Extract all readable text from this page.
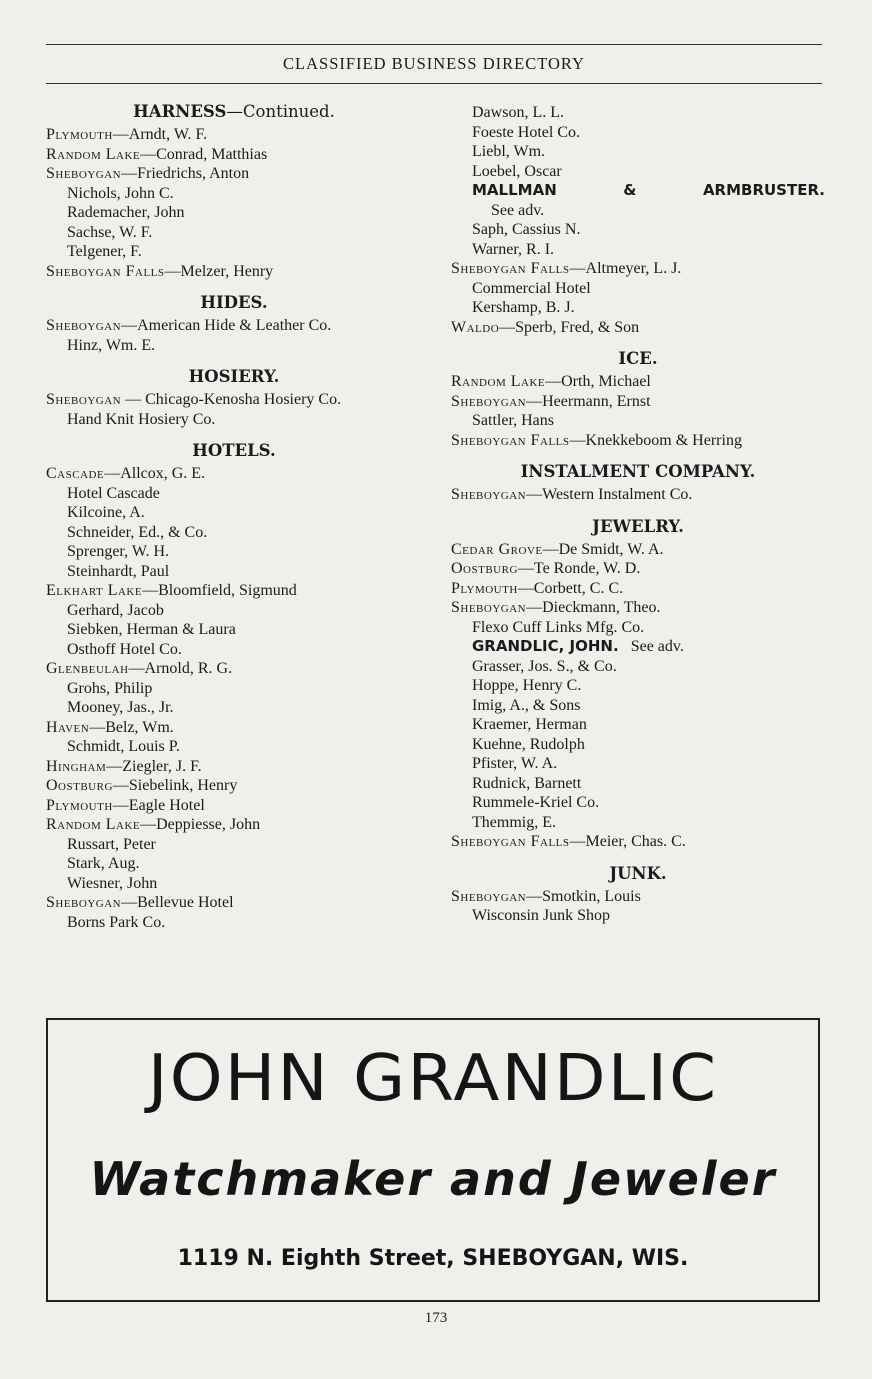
CLASSIFIED BUSINESS DIRECTORY
HARNESS—Continued.
Plymouth—Arndt, W. F.
Random Lake—Conrad, Matthias
Sheboygan—Friedrichs, Anton
Nichols, John C.
Rademacher, John
Sachse, W. F.
Telgener, F.
Sheboygan Falls—Melzer, Henry
HIDES.
Sheboygan—American Hide & Leather Co.
Hinz, Wm. E.
HOSIERY.
Sheboygan — Chicago-Kenosha Hosiery Co.
Hand Knit Hosiery Co.
HOTELS.
Cascade—Allcox, G. E.
Hotel Cascade
Kilcoine, A.
Schneider, Ed., & Co.
Sprenger, W. H.
Steinhardt, Paul
Elkhart Lake—Bloomfield, Sigmund
Gerhard, Jacob
Siebken, Herman & Laura
Osthoff Hotel Co.
Glenbeulah—Arnold, R. G.
Grohs, Philip
Mooney, Jas., Jr.
Haven—Belz, Wm.
Schmidt, Louis P.
Hingham—Ziegler, J. F.
Oostburg—Siebelink, Henry
Plymouth—Eagle Hotel
Random Lake—Deppiesse, John
Russart, Peter
Stark, Aug.
Wiesner, John
Sheboygan—Bellevue Hotel
Borns Park Co.
Dawson, L. L.
Foeste Hotel Co.
Liebl, Wm.
Loebel, Oscar
MALLMAN	&	ARMBRUSTER.
See adv.
Saph, Cassius N.
Warner, R. I.
Sheboygan Falls—Altmeyer, L. J.
Commercial Hotel
Kershamp, B. J.
Waldo—Sperb, Fred, & Son
ICE.
Random Lake—Orth, Michael
Sheboygan—Heermann, Ernst
Sattler, Hans
Sheboygan Falls—Knekkeboom & Herring
INSTALMENT COMPANY.
Sheboygan—Western Instalment Co.
JEWELRY.
Cedar Grove—De Smidt, W. A.
Oostburg—Te Ronde, W. D.
Plymouth—Corbett, C. C.
Sheboygan—Dieckmann, Theo.
Flexo Cuff Links Mfg. Co.
GRANDLIC, JOHN. See adv.
Grasser, Jos. S., & Co.
Hoppe, Henry C.
Imig, A., & Sons
Kraemer, Herman
Kuehne, Rudolph
Pfister, W. A.
Rudnick, Barnett
Rummele-Kriel Co.
Themmig, E.
Sheboygan Falls—Meier, Chas. C.
JUNK.
Sheboygan—Smotkin, Louis
Wisconsin Junk Shop
JOHN GRANDLIC
Watchmaker and Jeweler
1119 N. Eighth Street, SHEBOYGAN, WIS.
173
